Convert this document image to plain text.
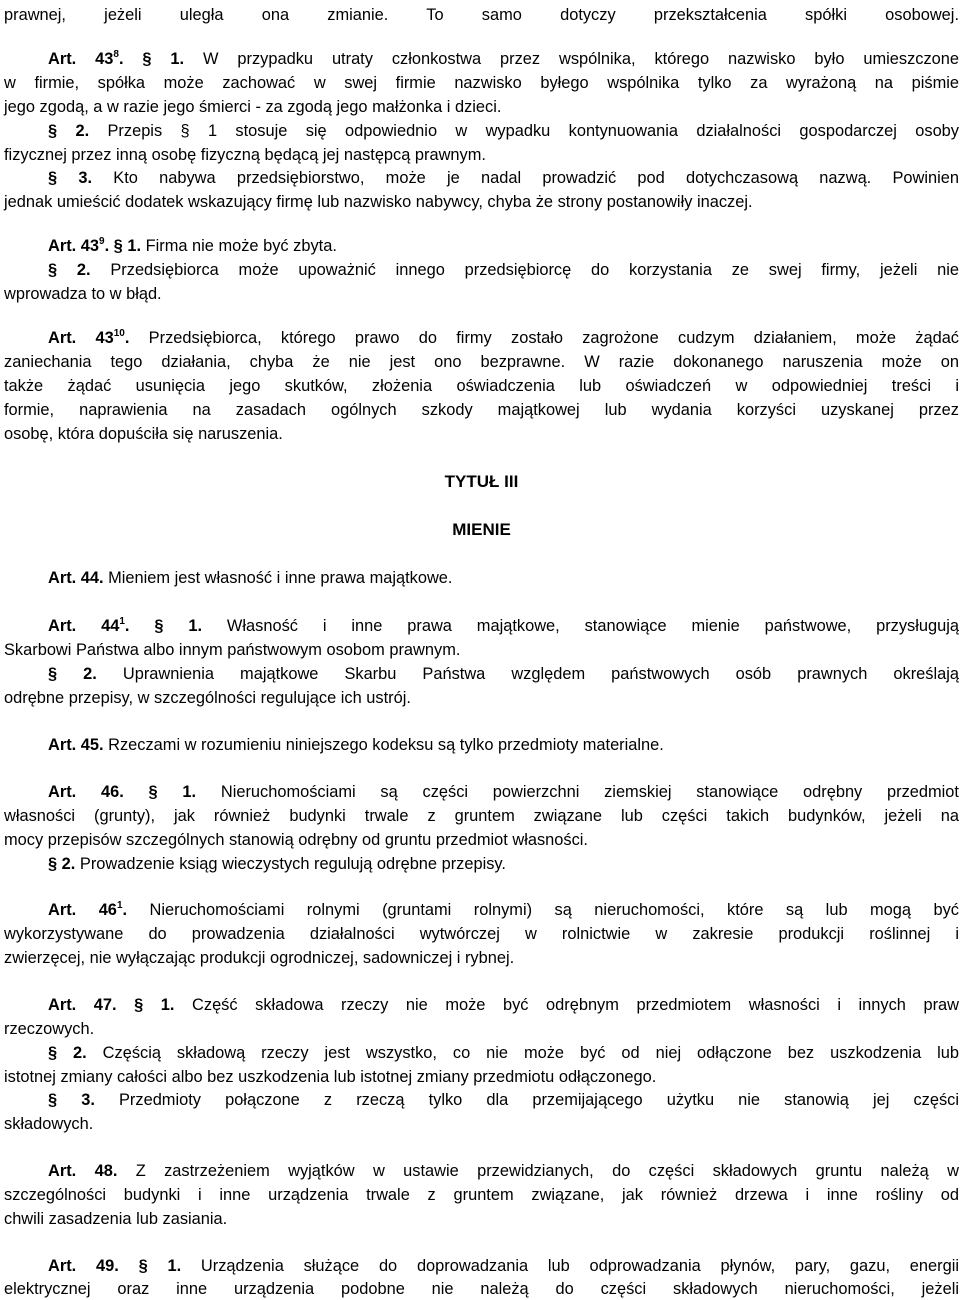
prawnej, jeżeli uległa ona zmianie. To samo dotyczy przekształcenia spółki osobowej.
Art. $43^8$. § 1. W przypadku utraty członkostwa przez wspólnika, którego nazwisko było umieszczone
w firmie, spółka może zachować w swej firmie nazwisko byłego wspólnika tylko za wyrażoną na piśmie
jego zgodą, a w razie jego śmierci - za zgodą jego małżonka i dzieci.
§ 2. Przepis § 1 stosuje się odpowiednio w wypadku kontynuowania działalności gospodarczej osoby
fizycznej przez inną osobę fizyczną będącą jej następcą prawnym.
§ 3. Kto nabywa przedsiębiorstwo, może je nadal prowadzić pod dotychczasową nazwą. Powinien
jednak umieścić dodatek wskazujący firmę lub nazwisko nabywcy, chyba że strony postanowiły inaczej.
Art. $43^9$. § 1. Firma nie może być zbyta.
§ 2. Przedsiębiorca może upoważnić innego przedsiębiorcę do korzystania ze swej firmy, jeżeli nie
wprowadza to w błąd.
Art. $43^{10}$. Przedsiębiorca, którego prawo do firmy zostało zagrożone cudzym działaniem, może żądać
zaniechania tego działania, chyba że nie jest ono bezprawne. W razie dokonanego naruszenia może on
także żądać usunięcia jego skutków, złożenia oświadczenia lub oświadczeń w odpowiedniej treści i
formie, naprawienia na zasadach ogólnych szkody majątkowej lub wydania korzyści uzyskanej przez
osobę, która dopuściła się naruszenia.
TYTUŁ III
MIENIE
Art. 44. Mieniem jest własność i inne prawa majątkowe.
Art. $44^1$. § 1. Własność i inne prawa majątkowe, stanowiące mienie państwowe, przysługują
Skarbowi Państwa albo innym państwowym osobom prawnym.
§ 2. Uprawnienia majątkowe Skarbu Państwa względem państwowych osób prawnych określają
odrębne przepisy, w szczególności regulujące ich ustrój.
Art. 45. Rzeczami w rozumieniu niniejszego kodeksu są tylko przedmioty materialne.
Art. 46. § 1. Nieruchomościami są części powierzchni ziemskiej stanowiące odrębny przedmiot
własności (grunty), jak również budynki trwale z gruntem związane lub części takich budynków, jeżeli na
mocy przepisów szczególnych stanowią odrębny od gruntu przedmiot własności.
§ 2. Prowadzenie ksiąg wieczystych regulują odrębne przepisy.
Art. $46^1$. Nieruchomościami rolnymi (gruntami rolnymi) są nieruchomości, które są lub mogą być
wykorzystywane do prowadzenia działalności wytwórczej w rolnictwie w zakresie produkcji roślinnej i
zwierzęcej, nie wyłączając produkcji ogrodniczej, sadowniczej i rybnej.
Art. 47. § 1. Część składowa rzeczy nie może być odrębnym przedmiotem własności i innych praw
rzeczowych.
§ 2. Częścią składową rzeczy jest wszystko, co nie może być od niej odłączone bez uszkodzenia lub
istotnej zmiany całości albo bez uszkodzenia lub istotnej zmiany przedmiotu odłączonego.
§ 3. Przedmioty połączone z rzeczą tylko dla przemijającego użytku nie stanowią jej części
składowych.
Art. 48. Z zastrzeżeniem wyjątków w ustawie przewidzianych, do części składowych gruntu należą w
szczególności budynki i inne urządzenia trwale z gruntem związane, jak również drzewa i inne rośliny od
chwili zasadzenia lub zasiania.
Art. 49. § 1. Urządzenia służące do doprowadzania lub odprowadzania płynów, pary, gazu, energii
elektrycznej oraz inne urządzenia podobne nie należą do części składowych nieruchomości, jeżeli
